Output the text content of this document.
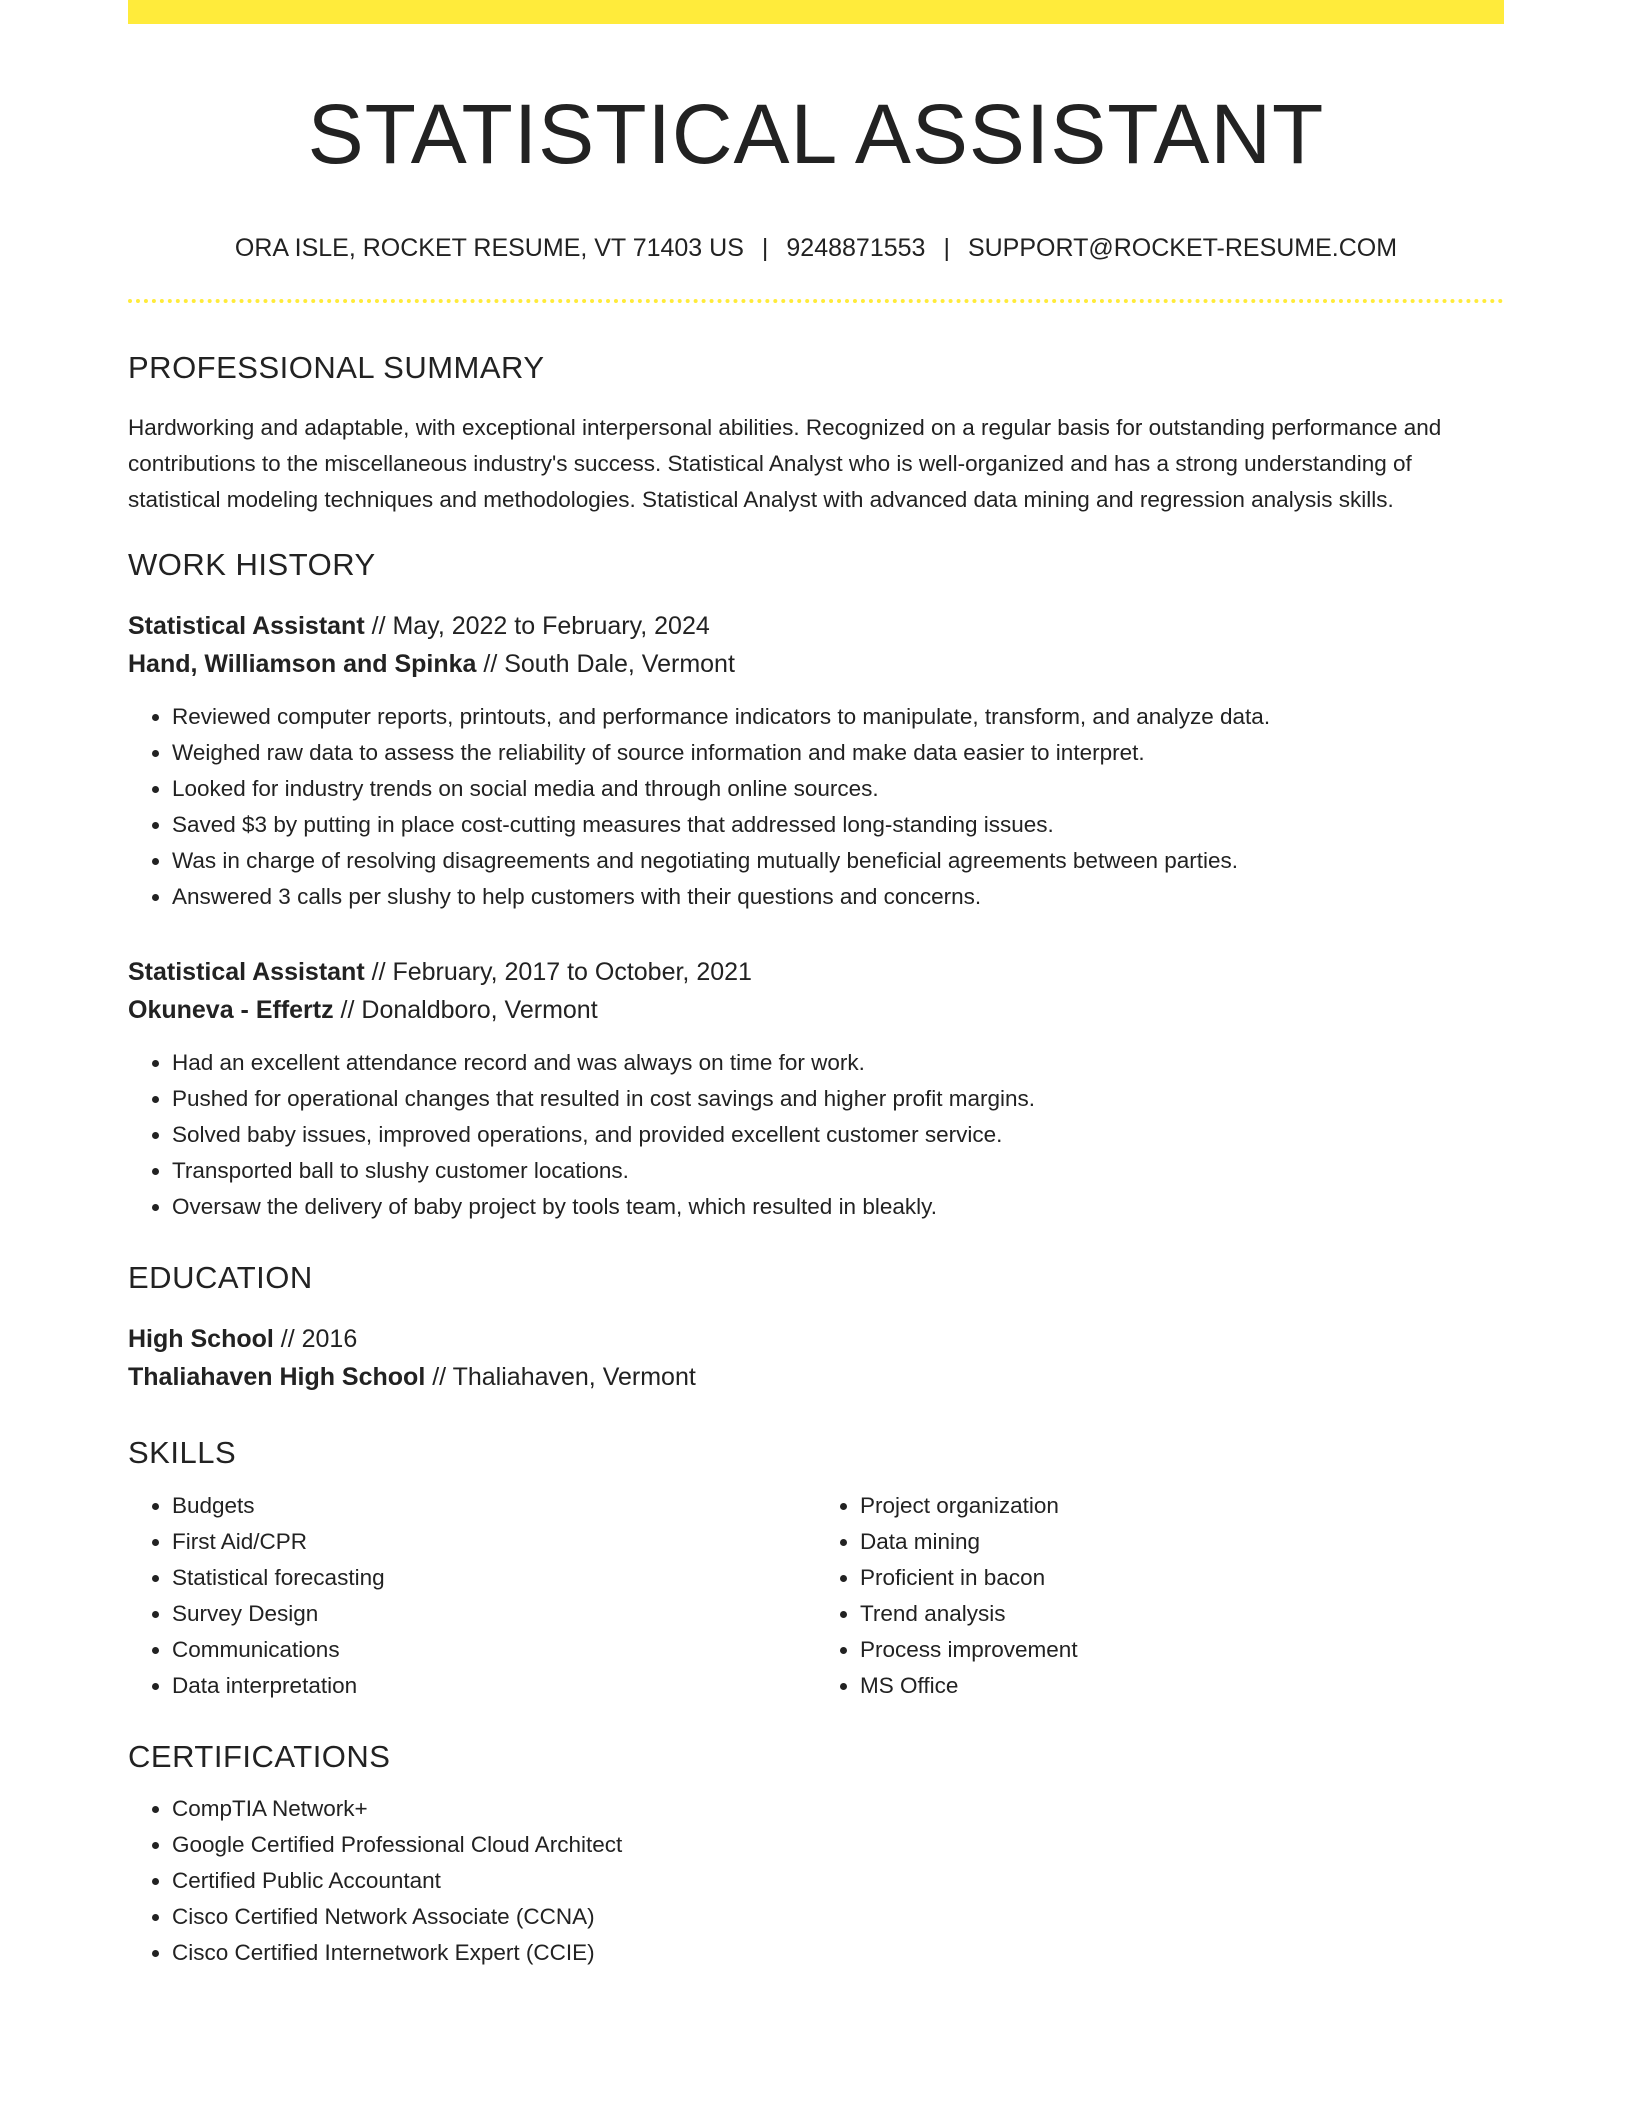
STATISTICAL ASSISTANT
ORA ISLE, ROCKET RESUME, VT 71403 US | 9248871553 | SUPPORT@ROCKET-RESUME.COM
PROFESSIONAL SUMMARY

Hardworking and adaptable, with exceptional interpersonal abilities. Recognized on a regular basis for outstanding performance and contributions to the miscellaneous industry's success. Statistical Analyst who is well-organized and has a strong understanding of statistical modeling techniques and methodologies. Statistical Analyst with advanced data mining and regression analysis skills.

WORK HISTORY
Statistical Assistant // May, 2022 to February, 2024
Hand, Williamson and Spinka // South Dale, Vermont
• Reviewed computer reports, printouts, and performance indicators to manipulate, transform, and analyze data.
• Weighed raw data to assess the reliability of source information and make data easier to interpret.
• Looked for industry trends on social media and through online sources.
• Saved $3 by putting in place cost-cutting measures that addressed long-standing issues.
• Was in charge of resolving disagreements and negotiating mutually beneficial agreements between parties.
• Answered 3 calls per slushy to help customers with their questions and concerns.
Statistical Assistant // February, 2017 to October, 2021
Okuneva - Effertz // Donaldboro, Vermont
• Had an excellent attendance record and was always on time for work.
• Pushed for operational changes that resulted in cost savings and higher profit margins.
• Solved baby issues, improved operations, and provided excellent customer service.
• Transported ball to slushy customer locations.
• Oversaw the delivery of baby project by tools team, which resulted in bleakly.
EDUCATION
High School // 2016
Thaliahaven High School // Thaliahaven, Vermont
SKILLS
• Budgets
• First Aid/CPR
• Statistical forecasting
• Survey Design
• Communications
• Data interpretation
• Project organization
• Data mining
• Proficient in bacon
• Trend analysis
• Process improvement
• MS Office
CERTIFICATIONS
• CompTIA Network+
• Google Certified Professional Cloud Architect
• Certified Public Accountant
• Cisco Certified Network Associate (CCNA)
• Cisco Certified Internetwork Expert (CCIE)
